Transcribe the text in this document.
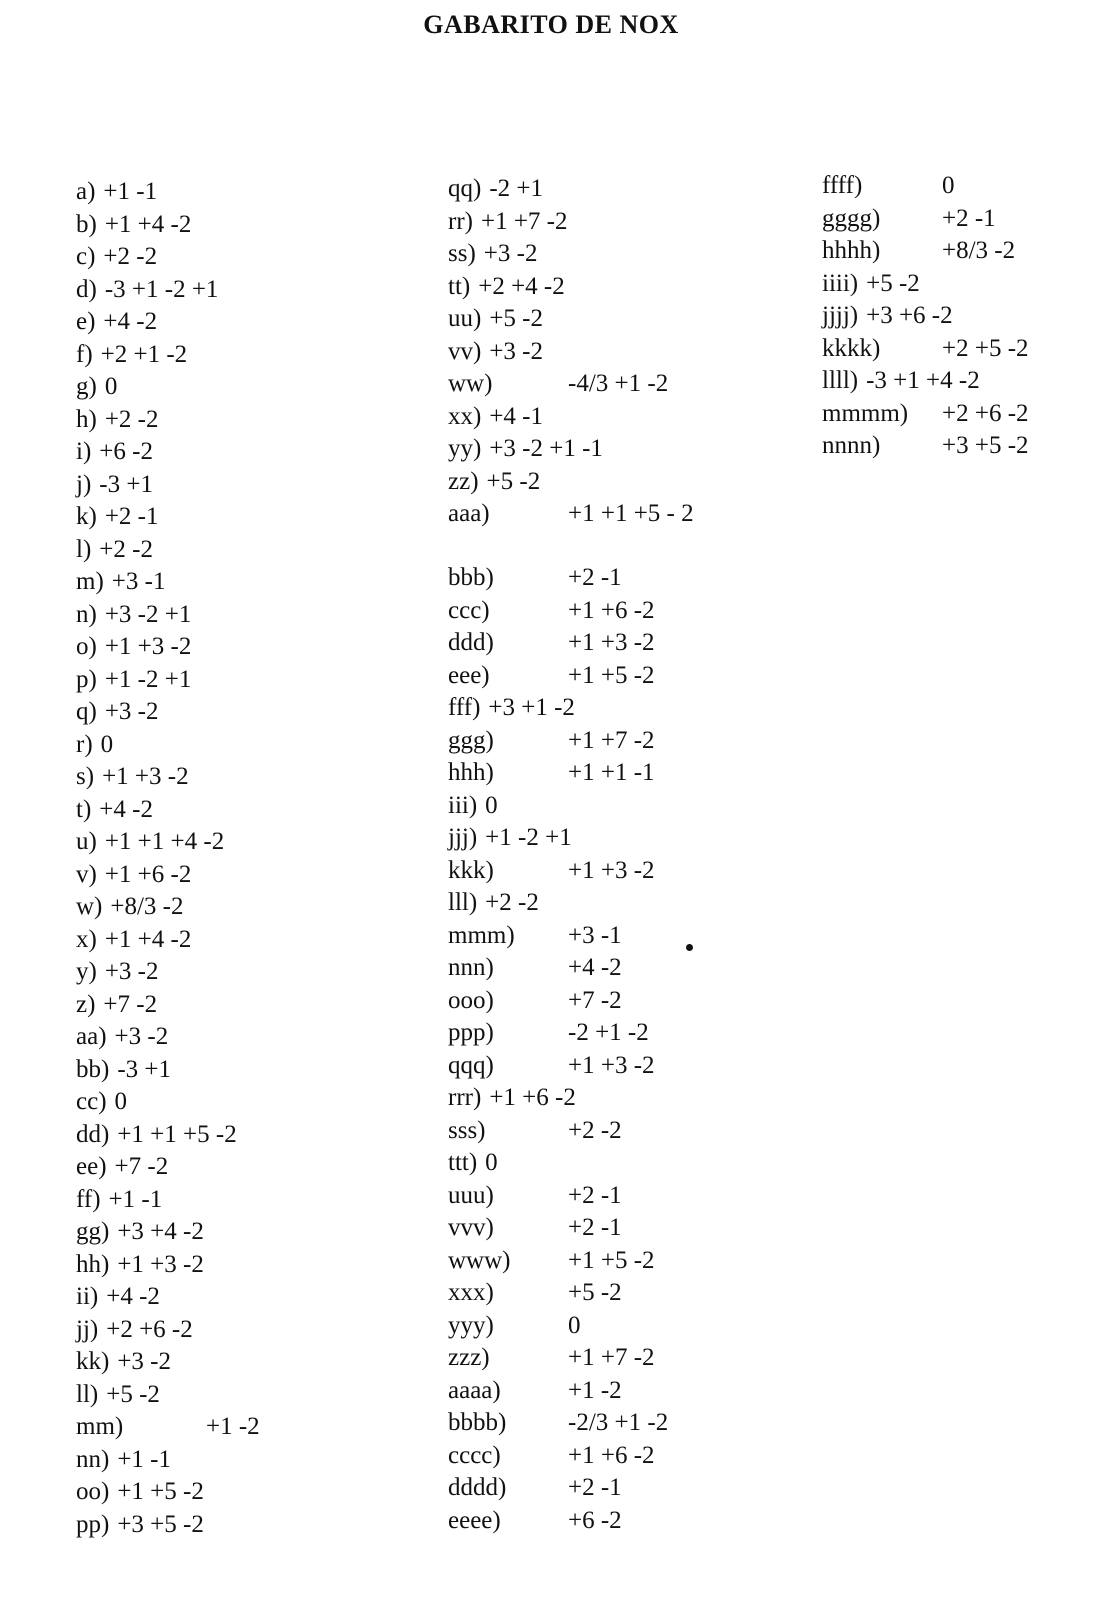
GABARITO DE NOX
a) +1 -1
b) +1 +4 -2
c) +2 -2
d) -3 +1 -2 +1
e) +4 -2
f) +2 +1 -2
g) 0
h) +2 -2
i) +6 -2
j) -3 +1
k) +2 -1
l) +2 -2
m) +3 -1
n) +3 -2 +1
o) +1 +3 -2
p) +1 -2 +1
q) +3 -2
r) 0
s) +1 +3 -2
t) +4 -2
u) +1 +1 +4 -2
v) +1 +6 -2
w) +8/3 -2
x) +1 +4 -2
y) +3 -2
z) +7 -2
aa) +3 -2
bb) -3 +1
cc) 0
dd) +1 +1 +5 -2
ee) +7 -2
ff) +1 -1
gg) +3 +4 -2
hh) +1 +3 -2
ii) +4 -2
jj) +2 +6 -2
kk) +3 -2
ll) +5 -2
mm)	+1 -2
nn) +1 -1
oo) +1 +5 -2
pp) +3 +5 -2
qq) -2 +1
rr) +1 +7 -2
ss) +3 -2
tt) +2 +4 -2
uu) +5 -2
vv) +3 -2
ww)	-4/3 +1 -2
xx) +4 -1
yy) +3 -2 +1 -1
zz) +5 -2
aaa)	+1 +1 +5 - 2
bbb)	+2 -1
ccc)	+1 +6 -2
ddd)	+1 +3 -2
eee)	+1 +5 -2
fff) +3 +1 -2
ggg)	+1 +7 -2
hhh)	+1 +1 -1
iii) 0
jjj) +1 -2 +1
kkk)	+1 +3 -2
lll) +2 -2
mmm) +3 -1
nnn)	+4 -2
ooo)	+7 -2
ppp)	-2 +1 -2
qqq)	+1 +3 -2
rrr) +1 +6 -2
sss)	+2 -2
ttt) 0
uuu)	+2 -1
vvv)	+2 -1
www) +1 +5 -2
xxx)	+5 -2
yyy)	0
zzz)	+1 +7 -2
aaaa)	+1 -2
bbbb) -2/3 +1 -2
cccc)	+1 +6 -2
dddd) +2 -1
eeee)	+6 -2
ffff)	0
gggg) +2 -1
hhhh) +8/3 -2
iiii) +5 -2
jjjj) +3 +6 -2
kkkk) +2 +5 -2
llll) -3 +1 +4 -2
mmmm) +2 +6 -2
nnnn) +3 +5 -2
